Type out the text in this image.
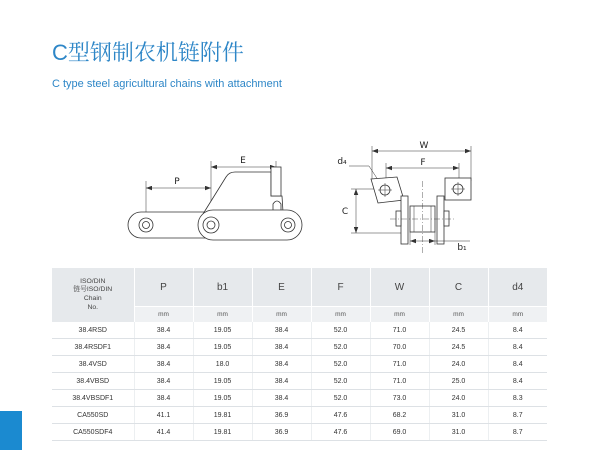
C型钢制农机链附件
C type steel agricultural chains with attachment
P
E
W
F
d₄
C
b₁
ISO/DIN
链号ISO/DIN
Chain
No.	P	b1	E	F	W	C	d4
	mm	mm	mm	mm	mm	mm	mm
38.4RSD	38.4	19.05	38.4	52.0	71.0	24.5	8.4
38.4RSDF1	38.4	19.05	38.4	52.0	70.0	24.5	8.4
38.4VSD	38.4	18.0	38.4	52.0	71.0	24.0	8.4
38.4VBSD	38.4	19.05	38.4	52.0	71.0	25.0	8.4
38.4VBSDF1	38.4	19.05	38.4	52.0	73.0	24.0	8.3
CA550SD	41.1	19.81	36.9	47.6	68.2	31.0	8.7
CA550SDF4	41.4	19.81	36.9	47.6	69.0	31.0	8.7
